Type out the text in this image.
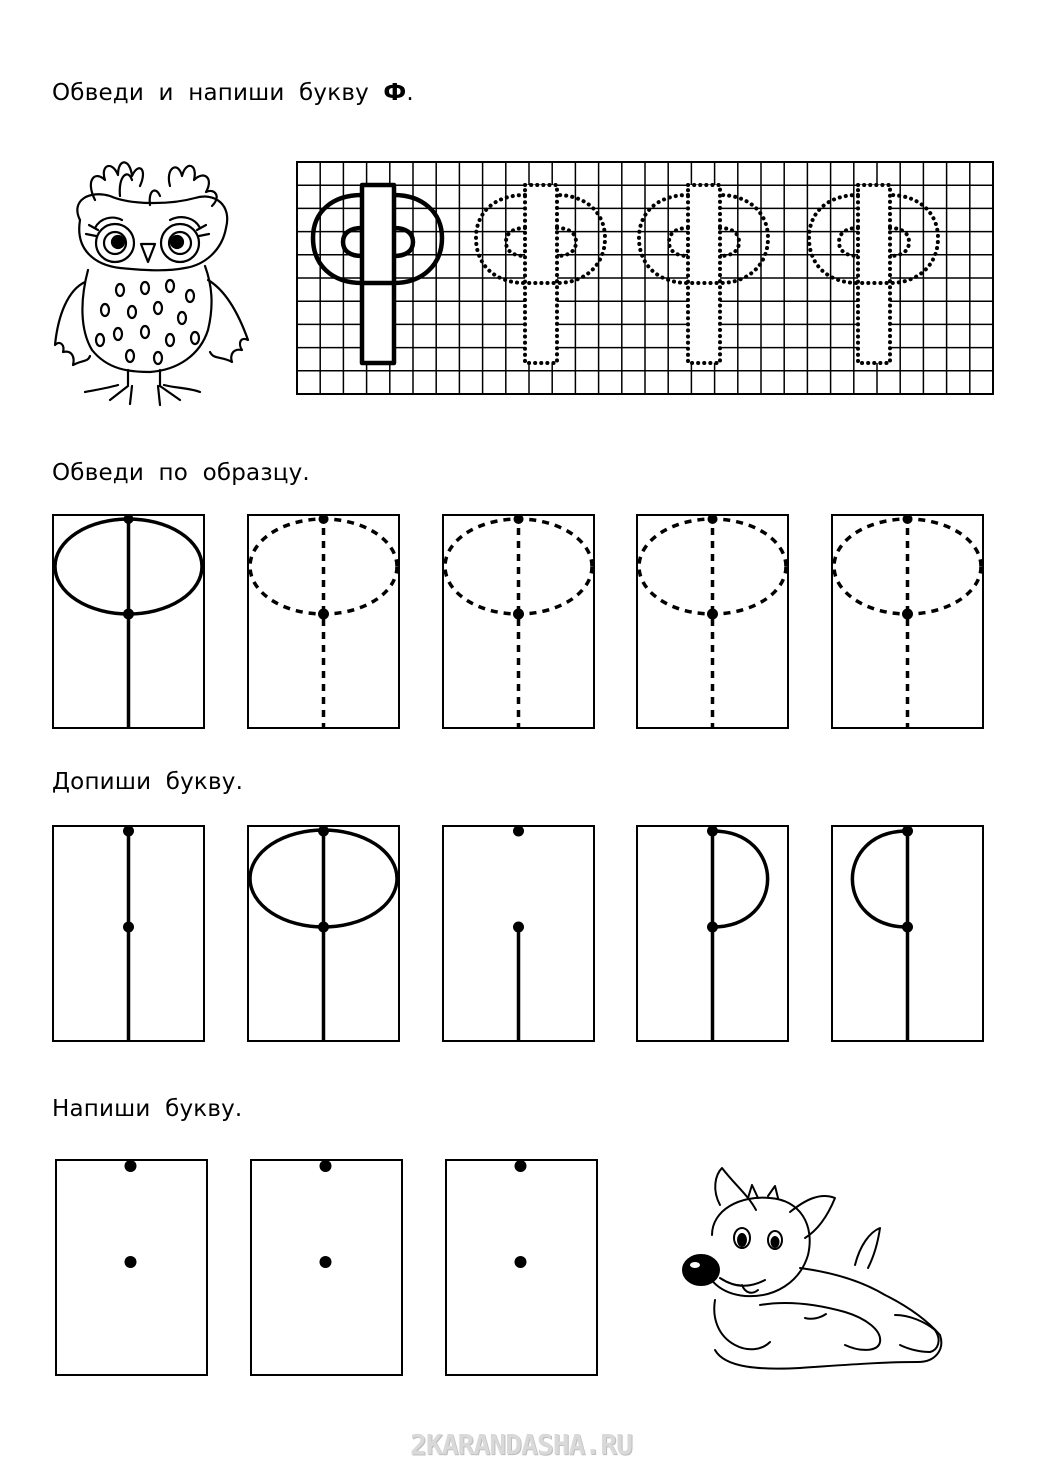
Обведи и напиши букву Ф.
Обведи по образцу.
Допиши букву.
Напиши букву.
2KARANDASHA.RU
